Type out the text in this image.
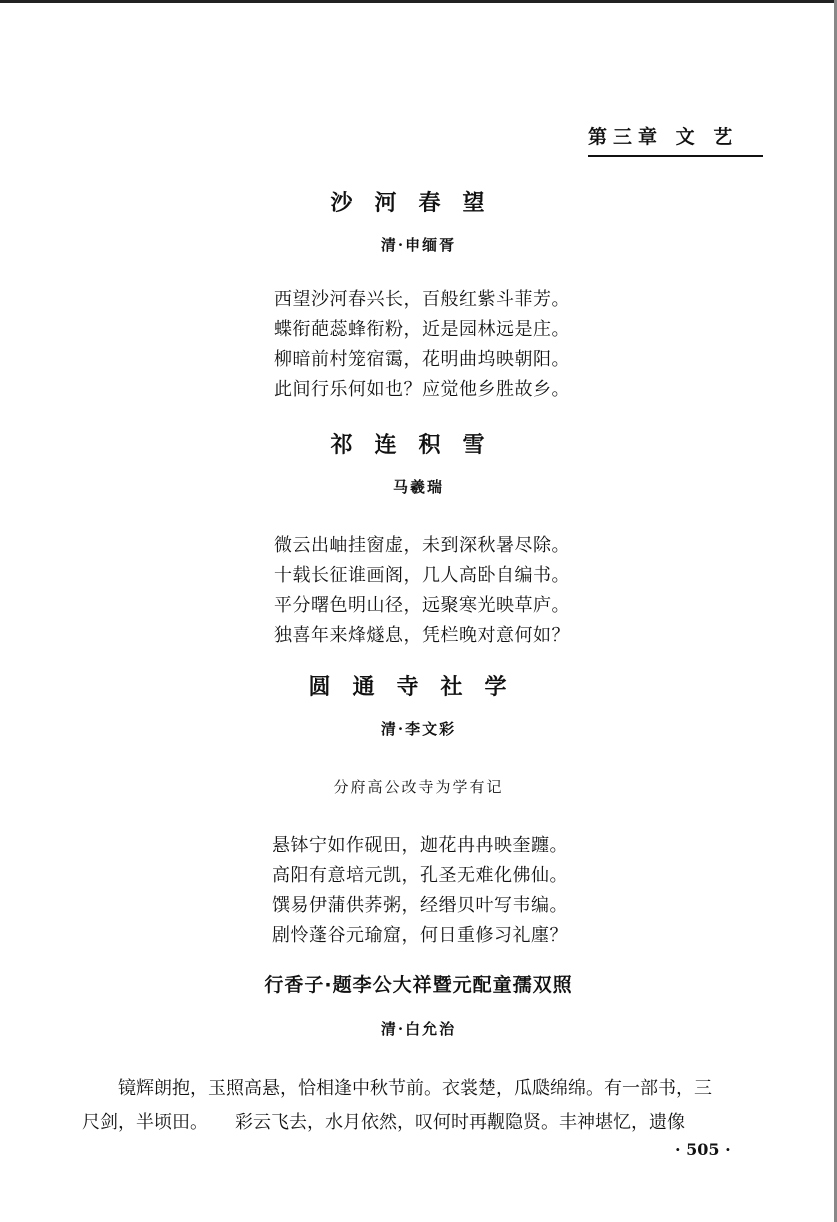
第三章 文 艺
沙河春望
清·申缅胥
西望沙河春兴长，百般红紫斗菲芳。
蝶衔葩蕊蜂衔粉，近是园林远是庄。
柳暗前村笼宿霭，花明曲坞映朝阳。
此间行乐何如也？应觉他乡胜故乡。
祁连积雪
马羲瑞
微云出岫挂窗虚，未到深秋暑尽除。
十载长征谁画阁，几人高卧自编书。
平分曙色明山径，远聚寒光映草庐。
独喜年来烽燧息，凭栏晚对意何如？
圆通寺社学
清·李文彩
分府高公改寺为学有记
悬钵宁如作砚田，迦花冉冉映奎躔。
高阳有意培元凯，孔圣无难化佛仙。
馔易伊蒲供荞粥，经缗贝叶写韦编。
剧怜蓬谷元瑜窟，何日重修习礼廛？
行香子·题李公大祥暨元配童孺双照
清·白允治
镜辉朗抱，玉照高悬，恰相逢中秋节前。衣裳楚，瓜瓞绵绵。有一部书，三
尺剑，半顷田。　　彩云飞去，水月依然，叹何时再觏隐贤。丰神堪忆，遗像
· 505 ·
